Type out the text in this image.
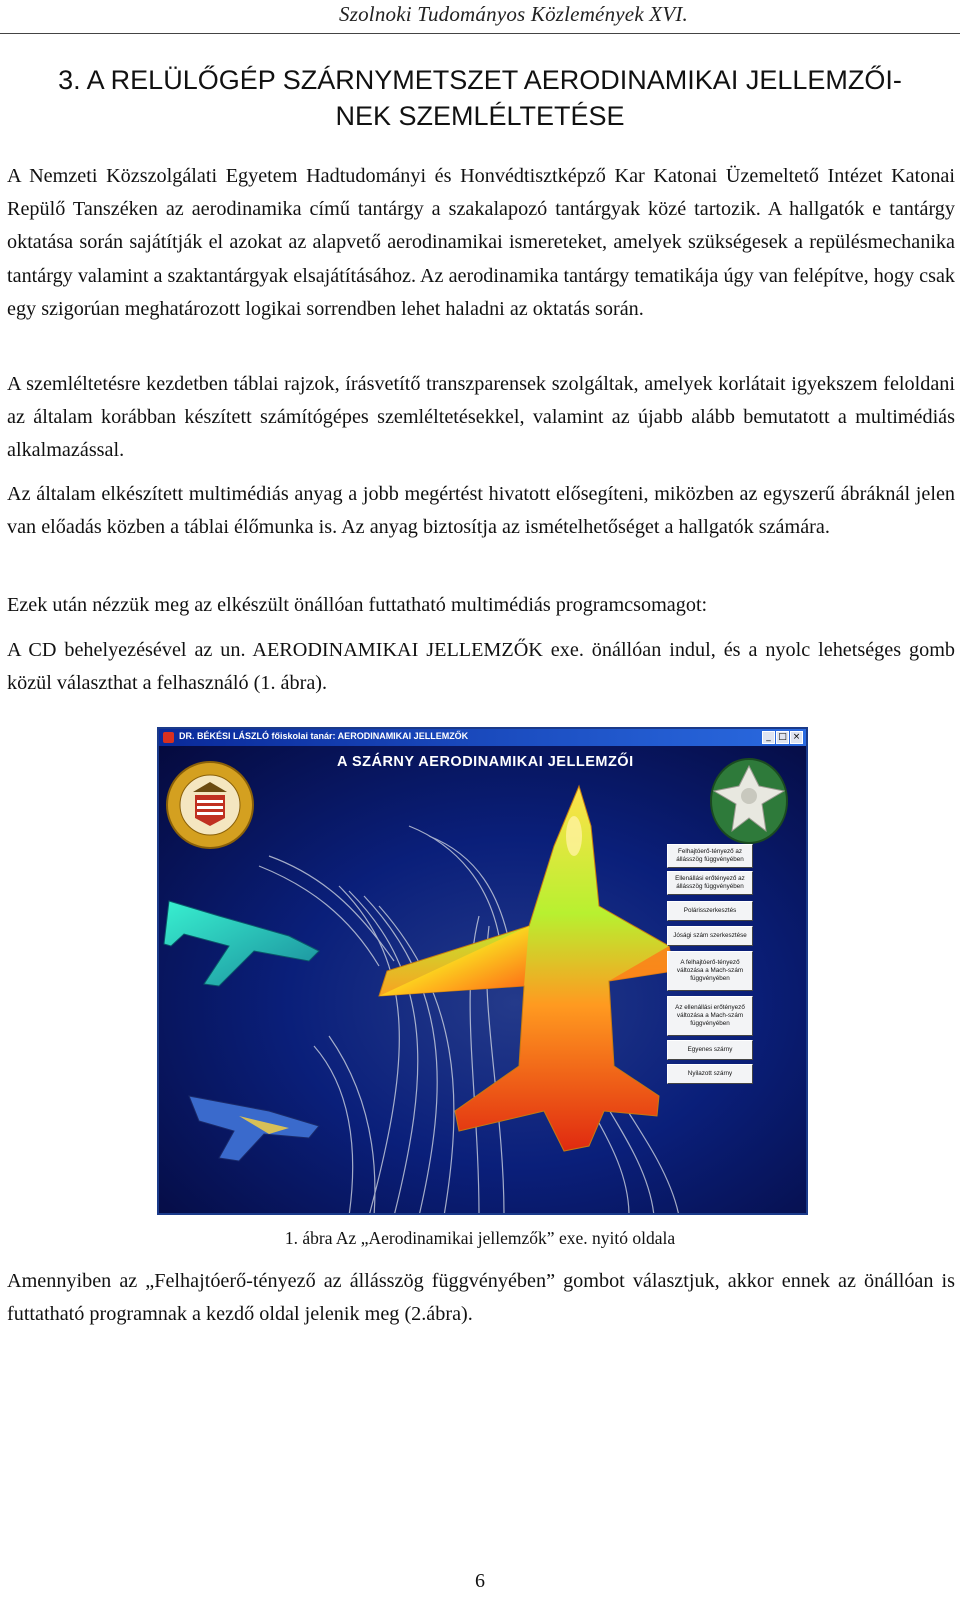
Szolnoki Tudományos Közlemények XVI.
3. A RELÜLŐGÉP SZÁRNYMETSZET AERODINAMIKAI JELLEMZŐI-
NEK SZEMLÉLTETÉSE

A Nemzeti Közszolgálati Egyetem Hadtudományi és Honvédtisztképző Kar Katonai Üzemeltető Intézet Katonai Repülő Tanszéken az aerodinamika című tantárgy a szakalapozó tantárgyak közé tartozik. A hallgatók e tantárgy oktatása során sajátítják el azokat az alapvető aerodinamikai ismereteket, amelyek szükségesek a repülésmechanika tantárgy valamint a szaktantárgyak elsajátításához. Az aerodinamika tantárgy tematikája úgy van felépítve, hogy csak egy szigorúan meghatározott logikai sorrendben lehet haladni az oktatás során.

A szemléltetésre kezdetben táblai rajzok, írásvetítő transzparensek szolgáltak, amelyek korlátait igyekszem feloldani az általam korábban készített számítógépes szemléltetésekkel, valamint az újabb alább bemutatott a multimédiás alkalmazással.

Az általam elkészített multimédiás anyag a jobb megértést hivatott elősegíteni, miközben az egyszerű ábráknál jelen van előadás közben a táblai élőmunka is. Az anyag biztosítja az ismételhetőséget a hallgatók számára.

Ezek után nézzük meg az elkészült önállóan futtatható multimédiás programcsomagot:

A CD behelyezésével az un. AERODINAMIKAI JELLEMZŐK exe. önállóan indul, és a nyolc lehetséges gomb közül választhat a felhasználó (1. ábra).

DR. BÉKÉSI LÁSZLÓ főiskolai tanár: AERODINAMIKAI JELLEMZŐK	_ □ ×
A SZÁRNY AERODINAMIKAI JELLEMZŐI
Felhajtóerő-tényező az állásszög függvényében
Ellenállási erőtényező az állásszög függvényében
Polárisszerkesztés
Jósági szám szerkesztése
A felhajtóerő-tényező változása a Mach-szám függvényében
Az ellenállási erőtényező változása a Mach-szám függvényében
Egyenes szárny
Nyilazott szárny
1. ábra Az „Aerodinamikai jellemzők” exe. nyitó oldala

Amennyiben az „Felhajtóerő-tényező az állásszög függvényében” gombot választjuk, akkor ennek az önállóan is futtatható programnak a kezdő oldal jelenik meg (2.ábra).

6
